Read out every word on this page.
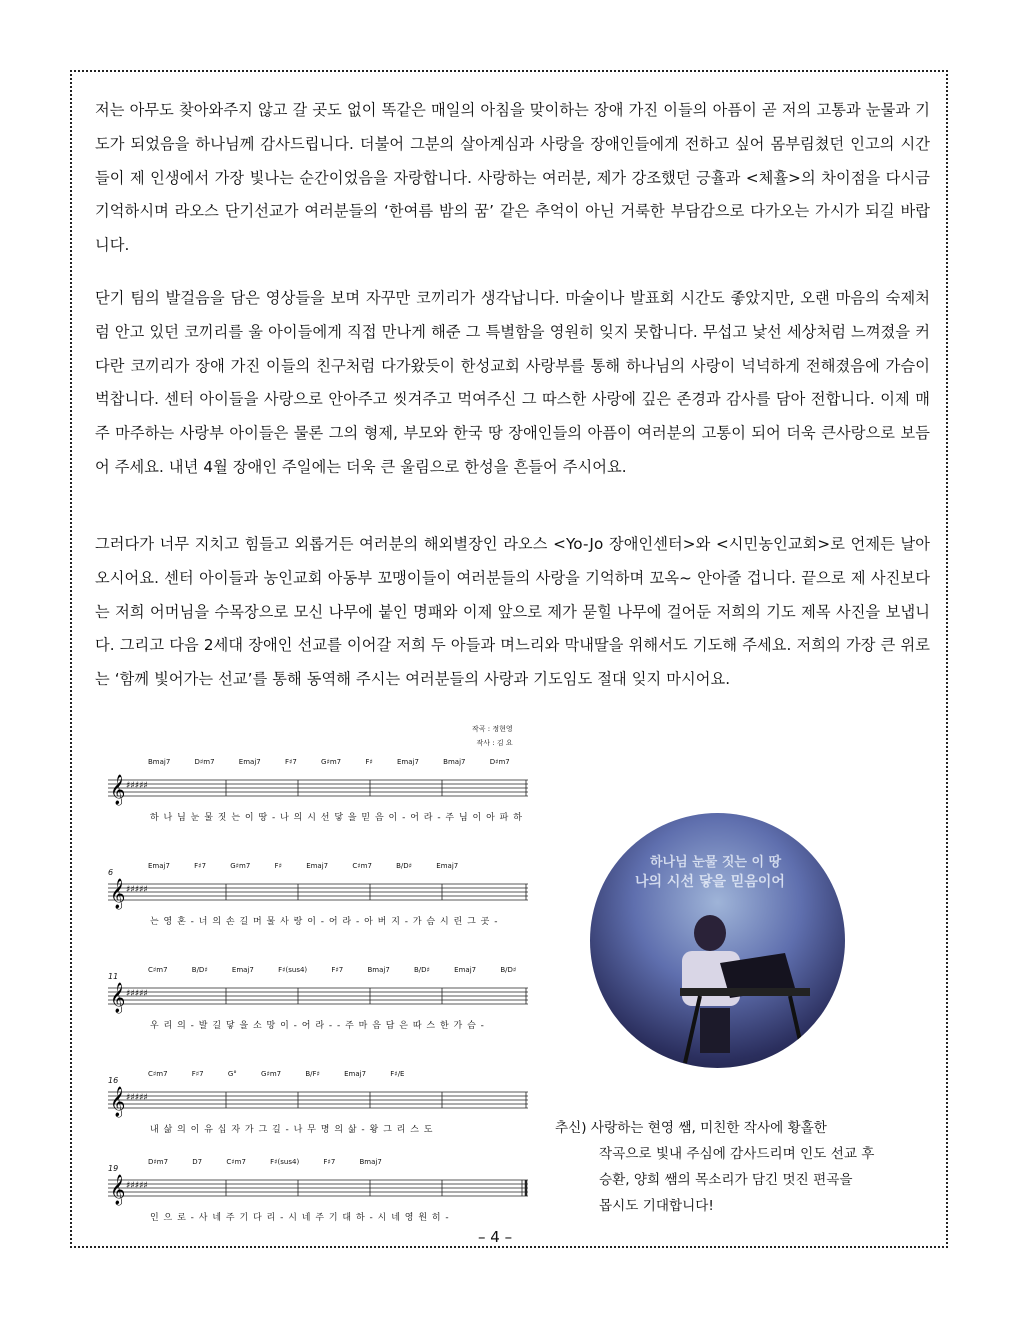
저는 아무도 찾아와주지 않고 갈 곳도 없이 똑같은 매일의 아침을 맞이하는 장애 가진 이들의 아픔이 곧 저의 고통과 눈물과 기도가 되었음을 하나님께 감사드립니다. 더불어 그분의 살아계심과 사랑을 장애인들에게 전하고 싶어 몸부림쳤던 인고의 시간들이 제 인생에서 가장 빛나는 순간이었음을 자랑합니다. 사랑하는 여러분, 제가 강조했던 긍휼과 <체휼>의 차이점을 다시금 기억하시며 라오스 단기선교가 여러분들의 ‘한여름 밤의 꿈’ 같은 추억이 아닌 거룩한 부담감으로 다가오는 가시가 되길 바랍니다.

단기 팀의 발걸음을 담은 영상들을 보며 자꾸만 코끼리가 생각납니다. 마술이나 발표회 시간도 좋았지만, 오랜 마음의 숙제처럼 안고 있던 코끼리를 울 아이들에게 직접 만나게 해준 그 특별함을 영원히 잊지 못합니다. 무섭고 낯선 세상처럼 느껴졌을 커다란 코끼리가 장애 가진 이들의 친구처럼 다가왔듯이 한성교회 사랑부를 통해 하나님의 사랑이 넉넉하게 전해졌음에 가슴이 벅찹니다. 센터 아이들을 사랑으로 안아주고 씻겨주고 먹여주신 그 따스한 사랑에 깊은 존경과 감사를 담아 전합니다. 이제 매주 마주하는 사랑부 아이들은 물론 그의 형제, 부모와 한국 땅 장애인들의 아픔이 여러분의 고통이 되어 더욱 큰사랑으로 보듬어 주세요. 내년 4월 장애인 주일에는 더욱 큰 울림으로 한성을 흔들어 주시어요.

그러다가 너무 지치고 힘들고 외롭거든 여러분의 해외별장인 라오스 <Yo-Jo 장애인센터>와 <시민농인교회>로 언제든 날아오시어요. 센터 아이들과 농인교회 아동부 꼬맹이들이 여러분들의 사랑을 기억하며 꼬옥~ 안아줄 겁니다. 끝으로 제 사진보다는 저희 어머님을 수목장으로 모신 나무에 붙인 명패와 이제 앞으로 제가 묻힐 나무에 걸어둔 저희의 기도 제목 사진을 보냅니다. 그리고 다음 2세대 장애인 선교를 이어갈 저희 두 아들과 며느리와 막내딸을 위해서도 기도해 주세요. 저희의 가장 큰 위로는 ‘함께 빛어가는 선교’를 통해 동역해 주시는 여러분들의 사랑과 기도임도 절대 잊지 마시어요.

작곡 : 정현영
작사 : 김 요
Bmaj7 D♯m7 Emaj7 F♯7 G♯m7 F♯ Emaj7 Bmaj7 D♯m7
𝄞 ♯♯♯♯♯
하 나 님 눈 물 짓 는 이 땅 - 나 의 시 선 닿 을 믿 음 이 - 어 라 - 주 님 이 아 파 하
6
Emaj7 F♯7 G♯m7 F♯ Emaj7 C♯m7 B/D♯ Emaj7
𝄞 ♯♯♯♯♯
는 영 혼 - 너 의 손 길 머 물 사 랑 이 - 어 라 - 아 버 지 - 가 슴 시 린 그 곳 -
11
C♯m7 B/D♯ Emaj7 F♯(sus4) F♯7 Bmaj7 B/D♯ Emaj7 B/D♯
𝄞 ♯♯♯♯♯
우 리 의 - 발 길 닿 을 소 망 이 - 어 라 - - 주 마 음 담 은 따 스 한 가 슴 -
16
C♯m7 F♯7 G° G♯m7 B/F♯ Emaj7 F♯/E
𝄞 ♯♯♯♯♯
내 삶 의 이 유 십 자 가 그 길 - 나 무 명 의 삶 - 왕 그 리 스 도
19
D♯m7 D7 C♯m7 F♯(sus4) F♯7 Bmaj7
𝄞 ♯♯♯♯♯
인 으 로 - 사 네 주 기 다 리 - 시 네 주 기 대 하 - 시 네 영 원 히 -
하나님 눈물 짓는 이 땅
나의 시선 닿을 믿음이어
추신) 사랑하는 현영 쌤, 미친한 작사에 황홀한
작곡으로 빛내 주심에 감사드리며 인도 선교 후
승환, 양희 쌤의 목소리가 담긴 멋진 편곡을
몹시도 기대합니다!
– 4 –
